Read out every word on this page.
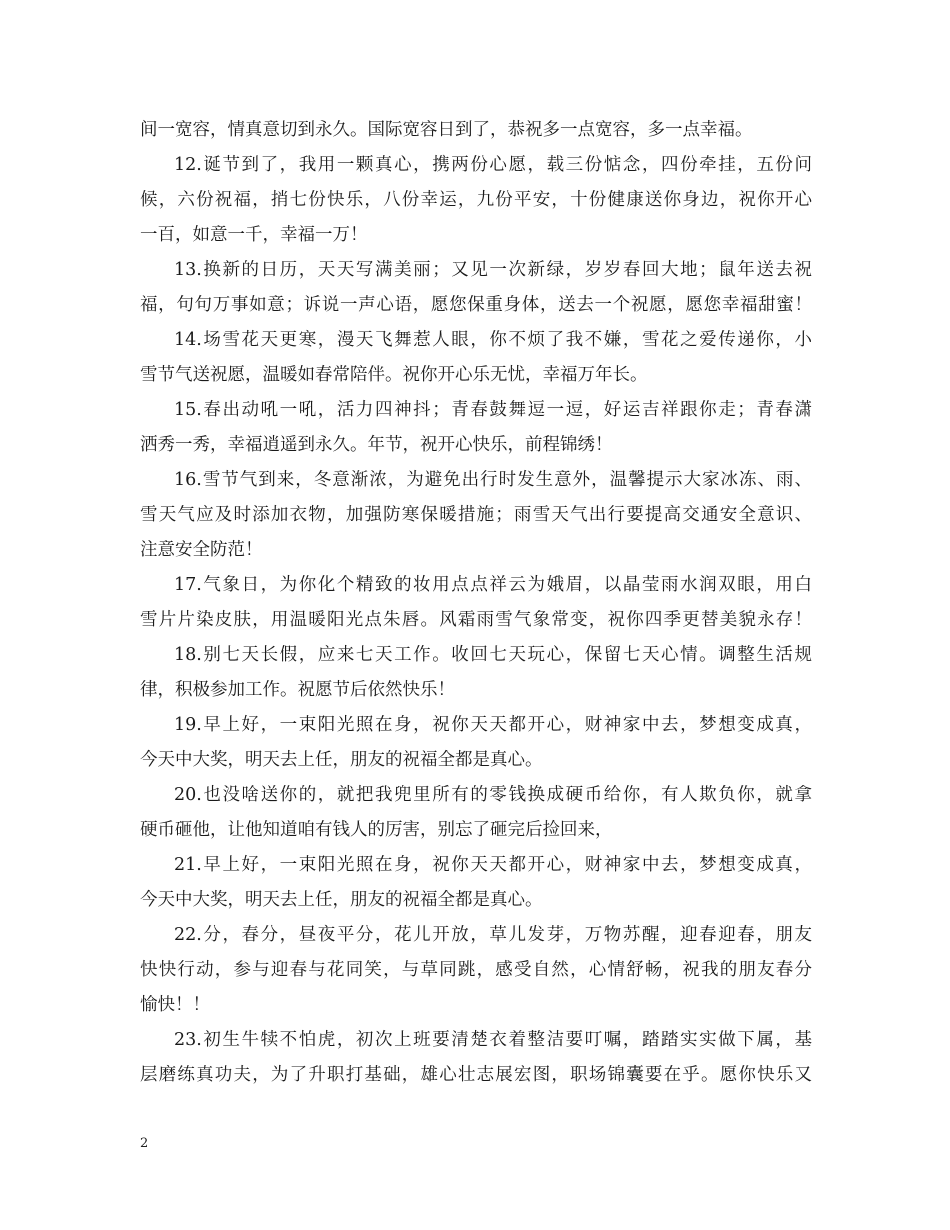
间一宽容，情真意切到永久。国际宽容日到了，恭祝多一点宽容，多一点幸福。
12.诞节到了，我用一颗真心，携两份心愿，载三份惦念，四份牵挂，五份问
候，六份祝福，捎七份快乐，八份幸运，九份平安，十份健康送你身边，祝你开心
一百，如意一千，幸福一万！
13.换新的日历，天天写满美丽；又见一次新绿，岁岁春回大地；鼠年送去祝
福，句句万事如意；诉说一声心语，愿您保重身体，送去一个祝愿，愿您幸福甜蜜！
14.场雪花天更寒，漫天飞舞惹人眼，你不烦了我不嫌，雪花之爱传递你，小
雪节气送祝愿，温暖如春常陪伴。祝你开心乐无忧，幸福万年长。
15.春出动吼一吼，活力四神抖；青春鼓舞逗一逗，好运吉祥跟你走；青春潇
洒秀一秀，幸福逍遥到永久。年节，祝开心快乐，前程锦绣！
16.雪节气到来，冬意渐浓，为避免出行时发生意外，温馨提示大家冰冻、雨、
雪天气应及时添加衣物，加强防寒保暖措施；雨雪天气出行要提高交通安全意识、
注意安全防范！
17.气象日，为你化个精致的妆用点点祥云为娥眉，以晶莹雨水润双眼，用白
雪片片染皮肤，用温暖阳光点朱唇。风霜雨雪气象常变，祝你四季更替美貌永存！
18.别七天长假，应来七天工作。收回七天玩心，保留七天心情。调整生活规
律，积极参加工作。祝愿节后依然快乐！
19.早上好，一束阳光照在身，祝你天天都开心，财神家中去，梦想变成真，
今天中大奖，明天去上任，朋友的祝福全都是真心。
20.也没啥送你的，就把我兜里所有的零钱换成硬币给你，有人欺负你，就拿
硬币砸他，让他知道咱有钱人的厉害，别忘了砸完后捡回来，
21.早上好，一束阳光照在身，祝你天天都开心，财神家中去，梦想变成真，
今天中大奖，明天去上任，朋友的祝福全都是真心。
22.分，春分，昼夜平分，花儿开放，草儿发芽，万物苏醒，迎春迎春，朋友
快快行动，参与迎春与花同笑，与草同跳，感受自然，心情舒畅，祝我的朋友春分
愉快！！
23.初生牛犊不怕虎，初次上班要清楚衣着整洁要叮嘱，踏踏实实做下属，基
层磨练真功夫，为了升职打基础，雄心壮志展宏图，职场锦囊要在乎。愿你快乐又
2
